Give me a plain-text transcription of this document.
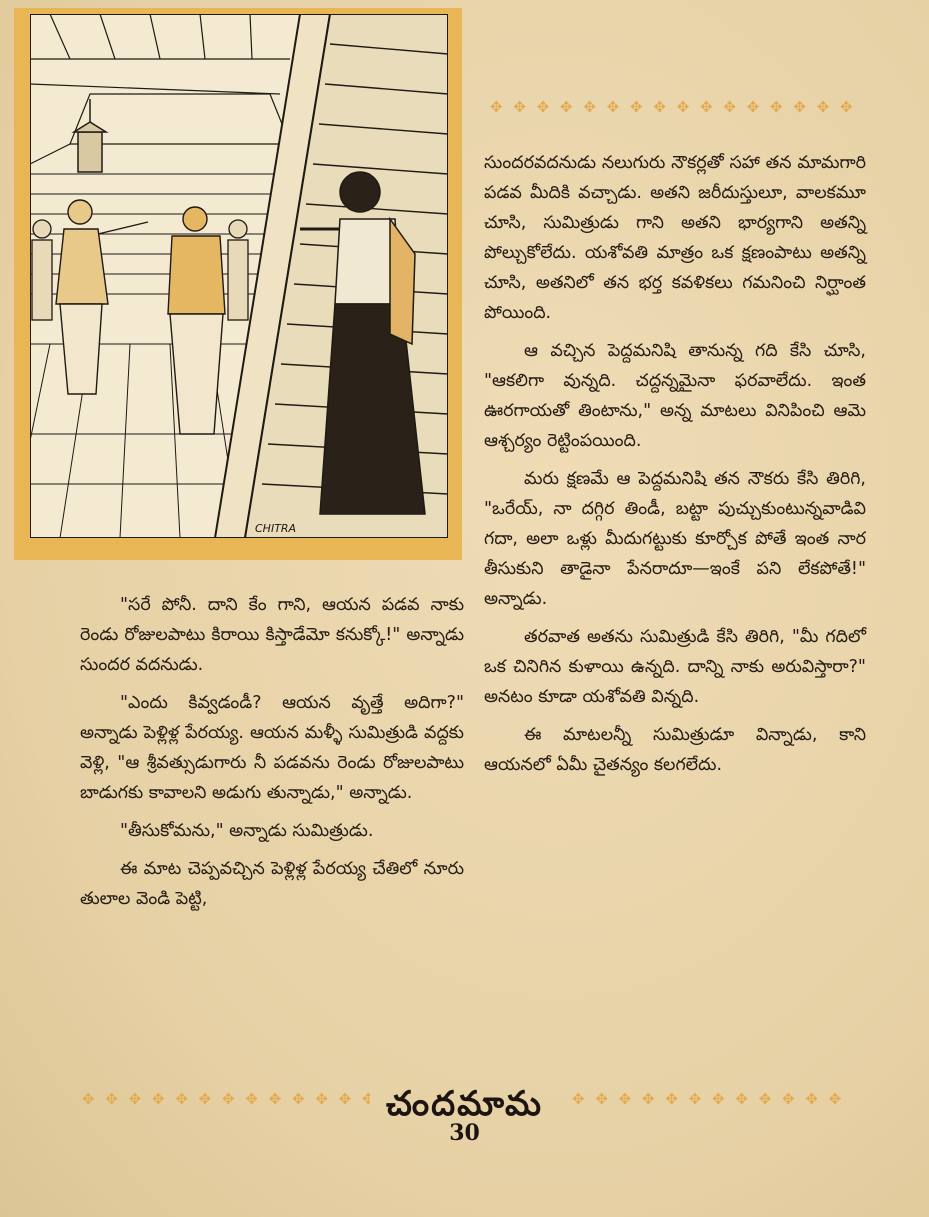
CHITRA
✥ ✥ ✥ ✥ ✥ ✥ ✥ ✥ ✥ ✥ ✥ ✥ ✥ ✥ ✥ ✥ ✥ ✥ ✥ ✥
✥ ✥ ✥ ✥ ✥ ✥ ✥ ✥ ✥ ✥ ✥ ✥ ✥ ✥ ✥ ✥ ✥ ✥ ✥ ✥
✥ ✥ ✥ ✥ ✥ ✥ ✥ ✥ ✥ ✥ ✥ ✥ ✥ ✥ ✥ ✥ ✥ ✥ ✥ ✥

సుందరవదనుడు నలుగురు నౌకర్లతో సహా తన మామగారి పడవ మీదికి వచ్చాడు. అతని జరీదుస్తులూ, వాలకమూ చూసి, సుమిత్రుడు గాని అతని భార్యగాని అతన్ని పోల్చుకోలేదు. యశోవతి మాత్రం ఒక క్షణంపాటు అతన్ని చూసి, అతనిలో తన భర్త కవళికలు గమనించి నిర్ఘాంత పోయింది.

ఆ వచ్చిన పెద్దమనిషి తానున్న గది కేసి చూసి, "ఆకలిగా వున్నది. చద్దన్నమైనా ఫరవాలేదు. ఇంత ఊరగాయతో తింటాను," అన్న మాటలు వినిపించి ఆమె ఆశ్చర్యం రెట్టింపయింది.

మరు క్షణమే ఆ పెద్దమనిషి తన నౌకరు కేసి తిరిగి, "ఒరేయ్, నా దగ్గిర తిండీ, బట్టా పుచ్చుకుంటున్నవాడివి గదా, అలా ఒళ్లు మీదుగట్టుకు కూర్చోక పోతే ఇంత నార తీసుకుని తాడైనా పేనరాదూ—ఇంకే పని లేకపోతే!" అన్నాడు.

తరవాత అతను సుమిత్రుడి కేసి తిరిగి, "మీ గదిలో ఒక చినిగిన కుళాయి ఉన్నది. దాన్ని నాకు అరువిస్తారా?" అనటం కూడా యశోవతి విన్నది.

ఈ మాటలన్నీ సుమిత్రుడూ విన్నాడు, కాని ఆయనలో ఏమీ చైతన్యం కలగలేదు.

"సరే పోనీ. దాని కేం గాని, ఆయన పడవ నాకు రెండు రోజులపాటు కిరాయి కిస్తాడేమో కనుక్కో!" అన్నాడు సుందర వదనుడు.

"ఎందు కివ్వడండీ? ఆయన వృత్తే అదిగా?" అన్నాడు పెళ్లిళ్ల పేరయ్య. ఆయన మళ్ళీ సుమిత్రుడి వద్దకు వెళ్లి, "ఆ శ్రీవత్సుడుగారు నీ పడవను రెండు రోజులపాటు బాడుగకు కావాలని అడుగు తున్నాడు," అన్నాడు.

"తీసుకోమను," అన్నాడు సుమిత్రుడు.

ఈ మాట చెప్పవచ్చిన పెళ్లిళ్ల పేరయ్య చేతిలో నూరు తులాల వెండి పెట్టి,

చందమామ
30
